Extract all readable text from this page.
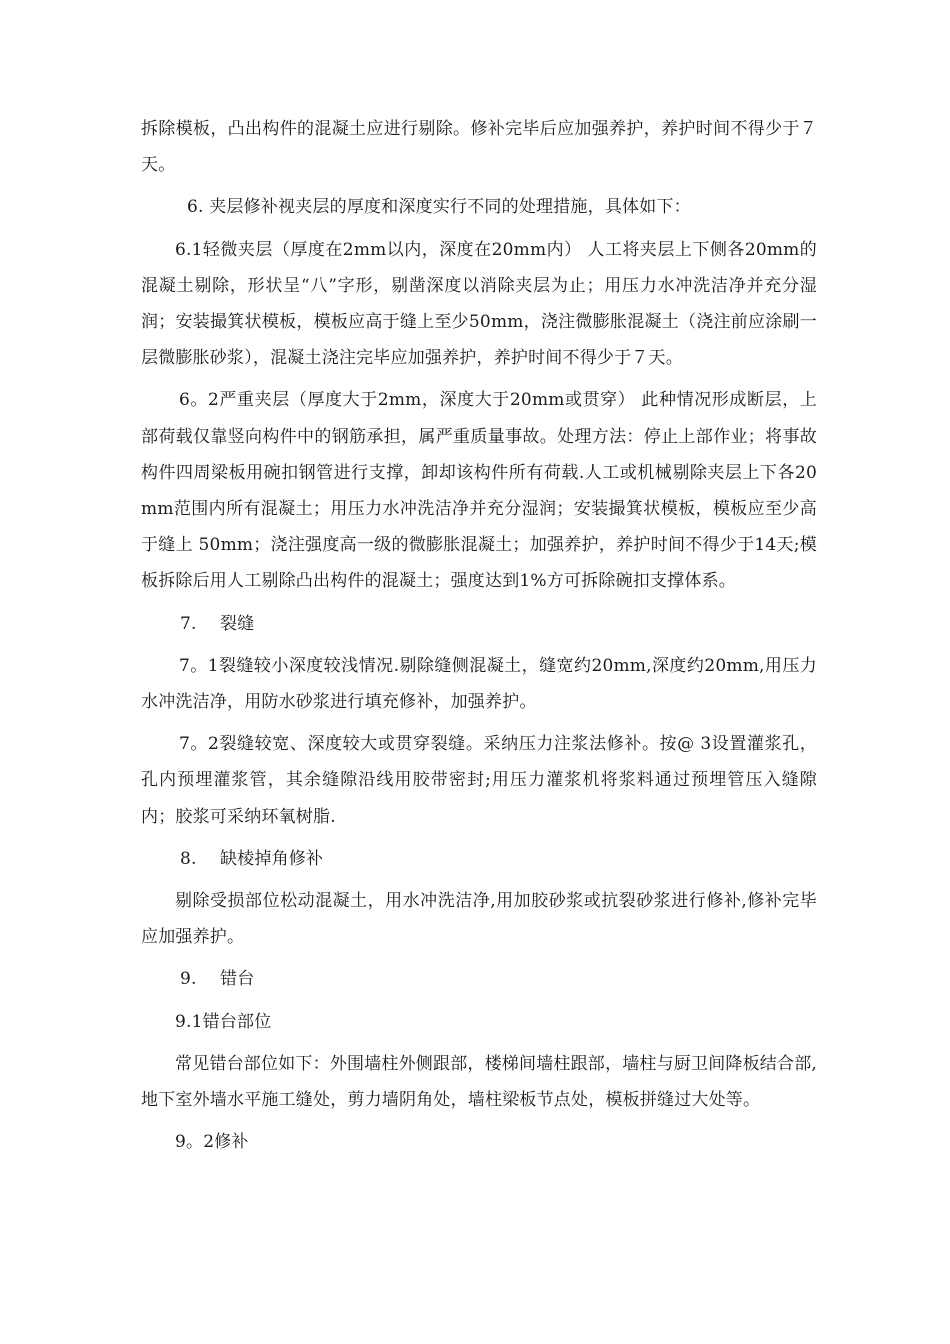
拆除模板，凸出构件的混凝土应进行剔除。修补完毕后应加强养护，养护时间不得少于７天。

6. 夹层修补视夹层的厚度和深度实行不同的处理措施，具体如下：

6.1轻微夹层（厚度在2mm以内，深度在20mm内） 人工将夹层上下侧各20mm的混凝土剔除，形状呈“八”字形，剔凿深度以消除夹层为止；用压力水冲洗洁净并充分湿润；安装撮箕状模板，模板应高于缝上至少50mm，浇注微膨胀混凝土（浇注前应涂刷一层微膨胀砂浆），混凝土浇注完毕应加强养护，养护时间不得少于７天。

6。2严重夹层（厚度大于2mm，深度大于20mm或贯穿） 此种情况形成断层，上部荷载仅靠竖向构件中的钢筋承担，属严重质量事故。处理方法：停止上部作业；将事故构件四周梁板用碗扣钢管进行支撑，卸却该构件所有荷载.人工或机械剔除夹层上下各20mm范围内所有混凝土；用压力水冲洗洁净并充分湿润；安装撮箕状模板，模板应至少高于缝上 50mm；浇注强度高一级的微膨胀混凝土；加强养护，养护时间不得少于14天;模板拆除后用人工剔除凸出构件的混凝土；强度达到1%方可拆除碗扣支撑体系。

7. 裂缝

7。1裂缝较小深度较浅情况.剔除缝侧混凝土，缝宽约20mm,深度约20mm,用压力水冲洗洁净，用防水砂浆进行填充修补，加强养护。

7。2裂缝较宽、深度较大或贯穿裂缝。采纳压力注浆法修补。按@ 3设置灌浆孔，孔内预埋灌浆管，其余缝隙沿线用胶带密封;用压力灌浆机将浆料通过预埋管压入缝隙内；胶浆可采纳环氧树脂.

8. 缺棱掉角修补

剔除受损部位松动混凝土，用水冲洗洁净,用加胶砂浆或抗裂砂浆进行修补,修补完毕应加强养护。

9. 错台

9.1错台部位

常见错台部位如下：外围墙柱外侧跟部，楼梯间墙柱跟部，墙柱与厨卫间降板结合部,地下室外墙水平施工缝处，剪力墙阴角处，墙柱梁板节点处，模板拼缝过大处等。

9。2修补
